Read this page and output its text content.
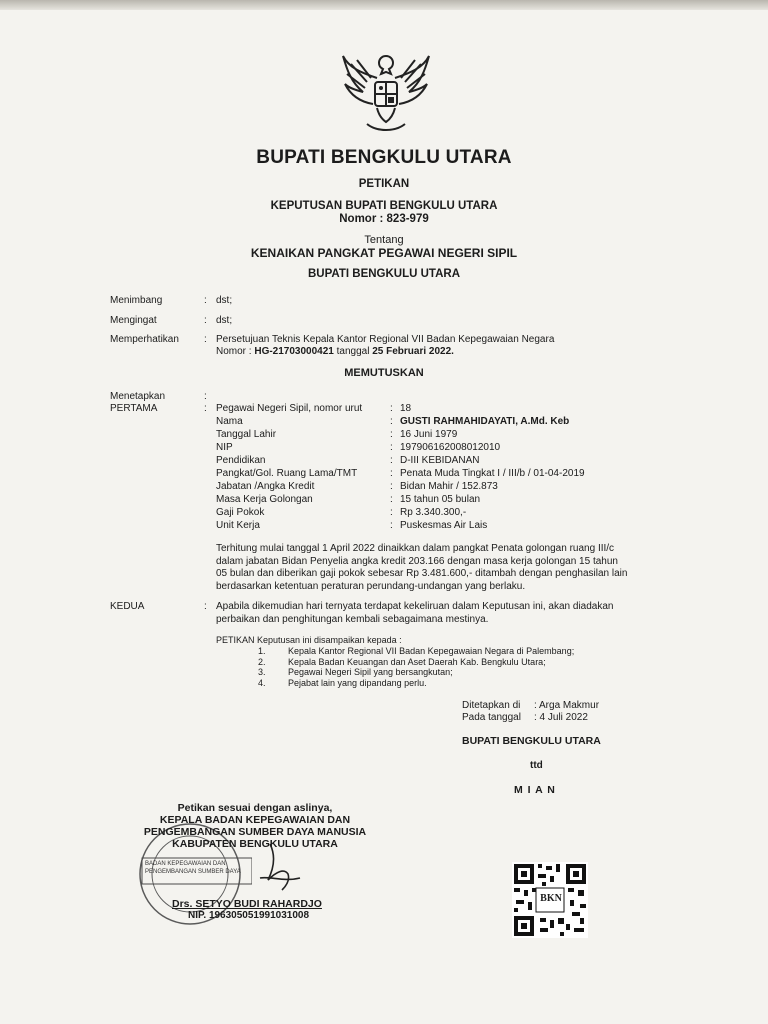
BUPATI BENGKULU UTARA
PETIKAN
KEPUTUSAN BUPATI BENGKULU UTARA
Nomor : 823-979
Tentang
KENAIKAN PANGKAT PEGAWAI NEGERI SIPIL
BUPATI BENGKULU UTARA
Menimbang	: dst;
Mengingat	: dst;
Memperhatikan	: Persetujuan Teknis Kepala Kantor Regional VII Badan Kepegawaian Negara
Nomor : HG-21703000421 tanggal 25 Februari 2022.
MEMUTUSKAN
Menetapkan	:
PERTAMA	: Pegawai Negeri Sipil, nomor urut	: 18
Nama	: GUSTI RAHMAHIDAYATI, A.Md. Keb
Tanggal Lahir	: 16 Juni 1979
NIP	: 197906162008012010
Pendidikan	: D-III KEBIDANAN
Pangkat/Gol. Ruang Lama/TMT	: Penata Muda Tingkat I / III/b / 01-04-2019
Jabatan /Angka Kredit	: Bidan Mahir / 152.873
Masa Kerja Golongan	: 15 tahun 05 bulan
Gaji Pokok	: Rp 3.340.300,-
Unit Kerja	: Puskesmas Air Lais
Terhitung mulai tanggal 1 April 2022 dinaikkan dalam pangkat Penata golongan ruang III/c
dalam jabatan Bidan Penyelia angka kredit 203.166 dengan masa kerja golongan 15 tahun
05 bulan dan diberikan gaji pokok sebesar Rp 3.481.600,- ditambah dengan penghasilan lain
berdasarkan ketentuan peraturan perundang-undangan yang berlaku.
KEDUA	: Apabila dikemudian hari ternyata terdapat kekeliruan dalam Keputusan ini, akan diadakan
perbaikan dan penghitungan kembali sebagaimana mestinya.
PETIKAN Keputusan ini disampaikan kepada :
1. Kepala Kantor Regional VII Badan Kepegawaian Negara di Palembang;
2. Kepala Badan Keuangan dan Aset Daerah Kab. Bengkulu Utara;
3. Pegawai Negeri Sipil yang bersangkutan;
4. Pejabat lain yang dipandang perlu.
Ditetapkan di : Arga Makmur
Pada tanggal : 4 Juli 2022
BUPATI BENGKULU UTARA
ttd
M I A N
BADAN KEPEGAWAIAN DAN
PENGEMBANGAN SUMBER DAYA
Petikan sesuai dengan aslinya,
KEPALA BADAN KEPEGAWAIAN DAN
PENGEMBANGAN SUMBER DAYA MANUSIA
KABUPATEN BENGKULU UTARA
Drs. SETYO BUDI RAHARDJO
NIP. 196305051991031008
BKN
